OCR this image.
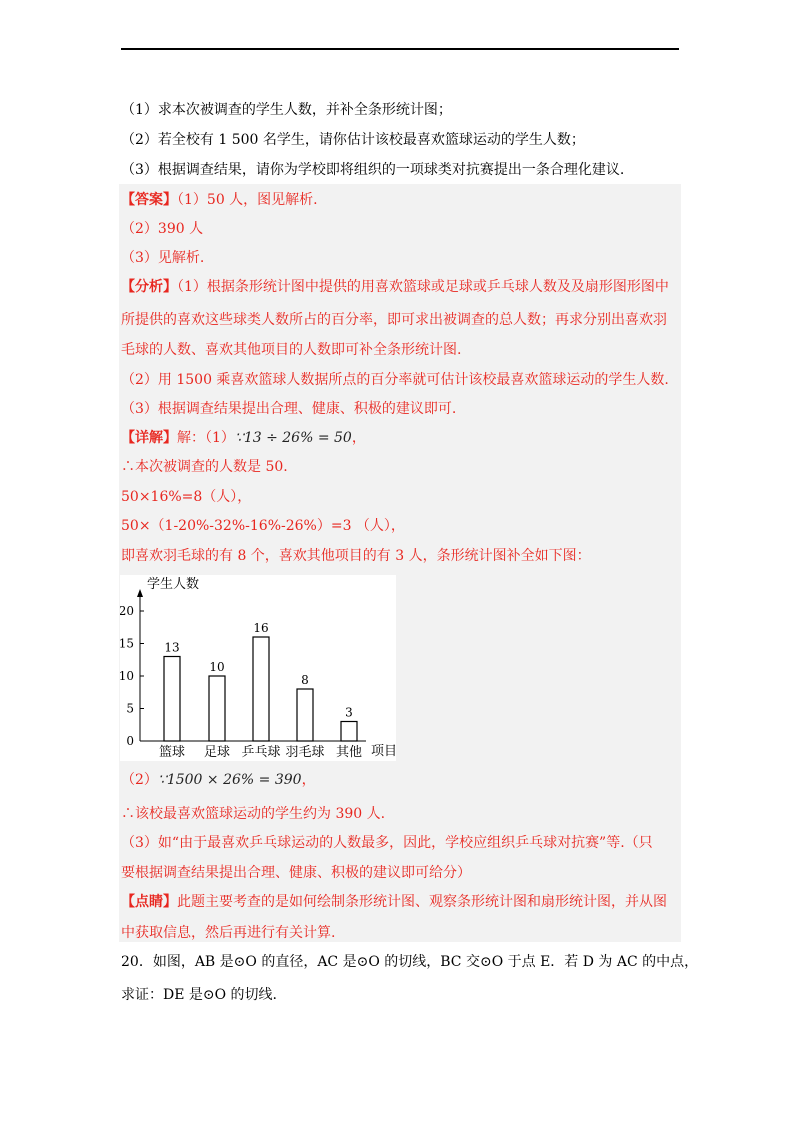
（1）求本次被调查的学生人数，并补全条形统计图；
（2）若全校有 1 500 名学生，请你估计该校最喜欢篮球运动的学生人数；
（3）根据调查结果，请你为学校即将组织的一项球类对抗赛提出一条合理化建议.
【答案】（1）50 人，图见解析.
（2）390 人
（3）见解析.
【分析】（1）根据条形统计图中提供的用喜欢篮球或足球或乒乓球人数及及扇形图形图中
所提供的喜欢这些球类人数所占的百分率，即可求出被调查的总人数；再求分别出喜欢羽
毛球的人数、喜欢其他项目的人数即可补全条形统计图.
（2）用 1500 乘喜欢篮球人数据所点的百分率就可估计该校最喜欢篮球运动的学生人数.
（3）根据调查结果提出合理、健康、积极的建议即可.
【详解】解：（1）∵13 ÷ 26% = 50，
∴本次被调查的人数是 50.
50×16%=8（人），
50×（1-20%-32%-16%-26%）=3 （人），
即喜欢羽毛球的有 8 个，喜欢其他项目的有 3 人，条形统计图补全如下图：
学生人数
项目
0
5
10
15
20
13
篮球
10
足球
16
乒乓球
8
羽毛球
3
其他
（2）∵1500 × 26% = 390，
∴该校最喜欢篮球运动的学生约为 390 人.
（3）如“由于最喜欢乒乓球运动的人数最多，因此，学校应组织乒乓球对抗赛”等.（只
要根据调查结果提出合理、健康、积极的建议即可给分）
【点睛】此题主要考查的是如何绘制条形统计图、观察条形统计图和扇形统计图，并从图
中获取信息，然后再进行有关计算.
20．如图，AB 是⊙O 的直径，AC 是⊙O 的切线，BC 交⊙O 于点 E．若 D 为 AC 的中点，
求证：DE 是⊙O 的切线.
